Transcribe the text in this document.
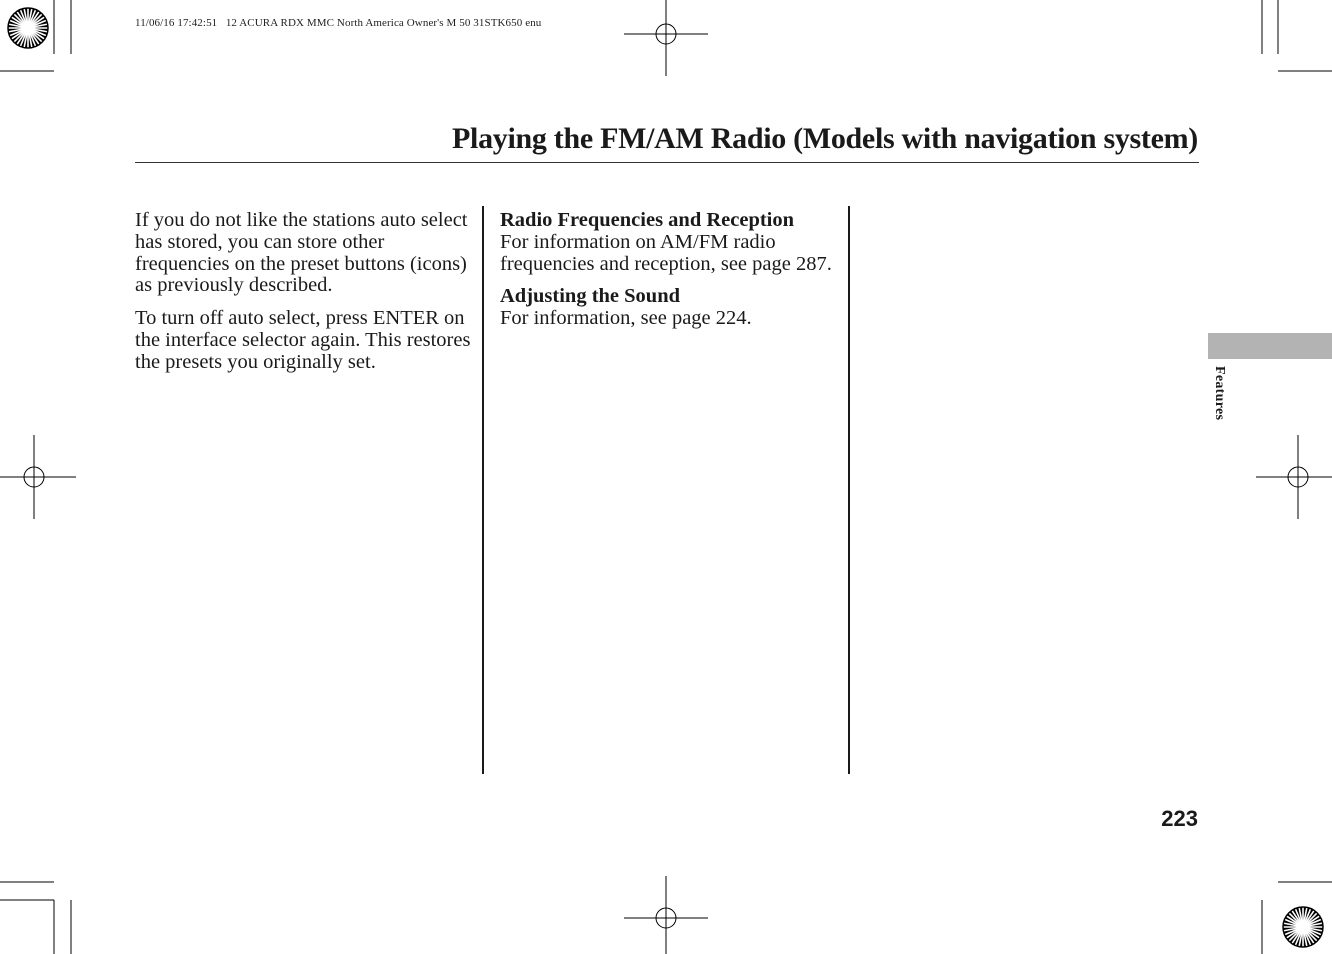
11/06/16 17:42:51   12 ACURA RDX MMC North America Owner's M 50 31STK650 enu
Playing the FM/AM Radio (Models with navigation system)

If you do not like the stations auto select has stored, you can store other frequencies on the preset buttons (icons) as previously described.

To turn off auto select, press ENTER on the interface selector again. This restores the presets you originally set.

Radio Frequencies and Reception
For information on AM/FM radio frequencies and reception, see page 287.

Adjusting the Sound
For information, see page 224.

Features
223
